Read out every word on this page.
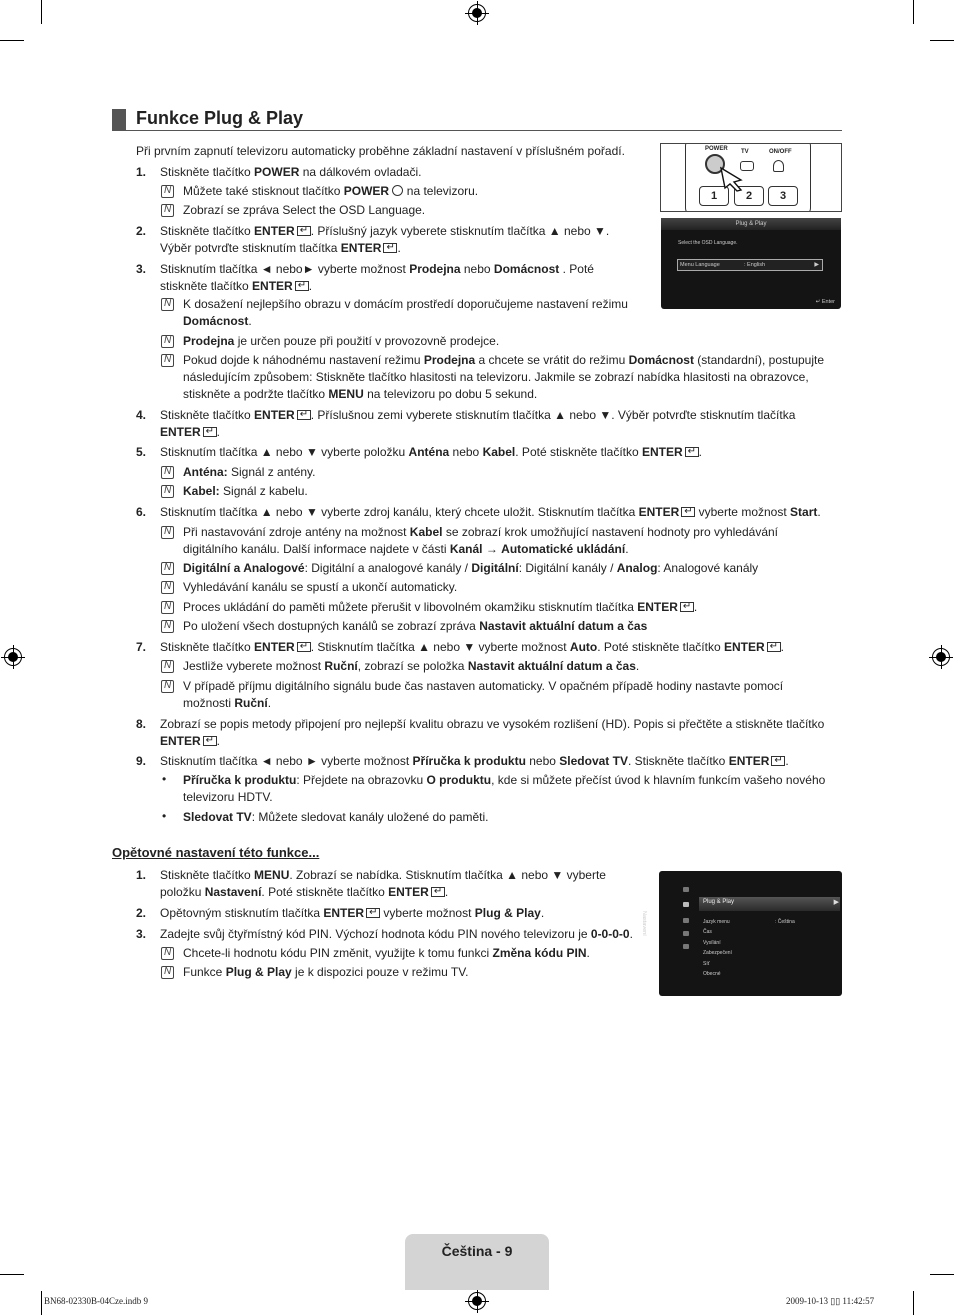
Funkce Plug & Play
POWER TV	ON/OFF
1	2	3
Plug & Play
Select the OSD Language.
Menu Language	: English	▶
↵ Enter
Nastavení
Plug & Play	▶
Jazyk menu	: Čeština
Čas
Vysílání
Zabezpečení
Síť
Obecné
Při prvním zapnutí televizoru automaticky proběhne základní nastavení v příslušném pořadí.
1. Stiskněte tlačítko POWER na dálkovém ovladači.
N
Můžete také stisknout tlačítko POWER  na televizoru.
N
Zobrazí se zpráva Select the OSD Language.
2. Stiskněte tlačítko ENTER ↵ . Příslušný jazyk vyberete stisknutím tlačítka ▲ nebo ▼.
Výběr potvrďte stisknutím tlačítka ENTER ↵ .
3. Stisknutím tlačítka ◄ nebo► vyberte možnost Prodejna nebo Domácnost . Poté
stiskněte tlačítko ENTER ↵ .
N
K dosažení nejlepšího obrazu v domácím prostředí doporučujeme nastavení režimu
Domácnost.
N
Prodejna je určen pouze při použití v provozovně prodejce.
N
Pokud dojde k náhodnému nastavení režimu Prodejna a chcete se vrátit do režimu Domácnost (standardní), postupujte
následujícím způsobem: Stiskněte tlačítko hlasitosti na televizoru. Jakmile se zobrazí nabídka hlasitosti na obrazovce,
stiskněte a podržte tlačítko MENU na televizoru po dobu 5 sekund.
4. Stiskněte tlačítko ENTER ↵ . Příslušnou zemi vyberete stisknutím tlačítka ▲ nebo ▼. Výběr potvrďte stisknutím tlačítka
ENTER ↵ .
5. Stisknutím tlačítka ▲ nebo ▼ vyberte položku Anténa nebo Kabel. Poté stiskněte tlačítko ENTER ↵ .
N
Anténa: Signál z antény.
N
Kabel: Signál z kabelu.
6. Stisknutím tlačítka ▲ nebo ▼ vyberte zdroj kanálu, který chcete uložit. Stisknutím tlačítka ENTER↵ vyberte možnost Start.
N
Při nastavování zdroje antény na možnost Kabel se zobrazí krok umožňující nastavení hodnoty pro vyhledávání
digitálního kanálu. Další informace najdete v části Kanál → Automatické ukládání.
N
Digitální a Analogové: Digitální a analogové kanály / Digitální: Digitální kanály / Analog: Analogové kanály
N
Vyhledávání kanálu se spustí a ukončí automaticky.
N
Proces ukládání do paměti můžete přerušit v libovolném okamžiku stisknutím tlačítka ENTER ↵ .
N
Po uložení všech dostupných kanálů se zobrazí zpráva Nastavit aktuální datum a čas
7. Stiskněte tlačítko ENTER ↵ . Stisknutím tlačítka ▲ nebo ▼ vyberte možnost Auto. Poté stiskněte tlačítko ENTER ↵ .
N
Jestliže vyberete možnost Ruční, zobrazí se položka Nastavit aktuální datum a čas.
N
V případě příjmu digitálního signálu bude čas nastaven automaticky. V opačném případě hodiny nastavte pomocí
možnosti Ruční.
8. Zobrazí se popis metody připojení pro nejlepší kvalitu obrazu ve vysokém rozlišení (HD). Popis si přečtěte a stiskněte tlačítko
ENTER ↵ .
9. Stisknutím tlačítka ◄ nebo ► vyberte možnost Příručka k produktu nebo Sledovat TV. Stiskněte tlačítko ENTER ↵ .
• Příručka k produktu: Přejdete na obrazovku O produktu, kde si můžete přečíst úvod k hlavním funkcím vašeho nového
televizoru HDTV.
• Sledovat TV: Můžete sledovat kanály uložené do paměti.
Opětovné nastavení této funkce...
1. Stiskněte tlačítko MENU. Zobrazí se nabídka. Stisknutím tlačítka ▲ nebo ▼ vyberte
položku Nastavení. Poté stiskněte tlačítko ENTER ↵ .
2. Opětovným stisknutím tlačítka ENTER↵ vyberte možnost Plug & Play.
3. Zadejte svůj čtyřmístný kód PIN. Výchozí hodnota kódu PIN nového televizoru je 0-0-0-0.
N
Chcete-li hodnotu kódu PIN změnit, využijte k tomu funkci Změna kódu PIN.
N
Funkce Plug & Play je k dispozici pouze v režimu TV.
Čeština - 9
BN68-02330B-04Cze.indb 9	2009-10-13 ▯▯ 11:42:57
